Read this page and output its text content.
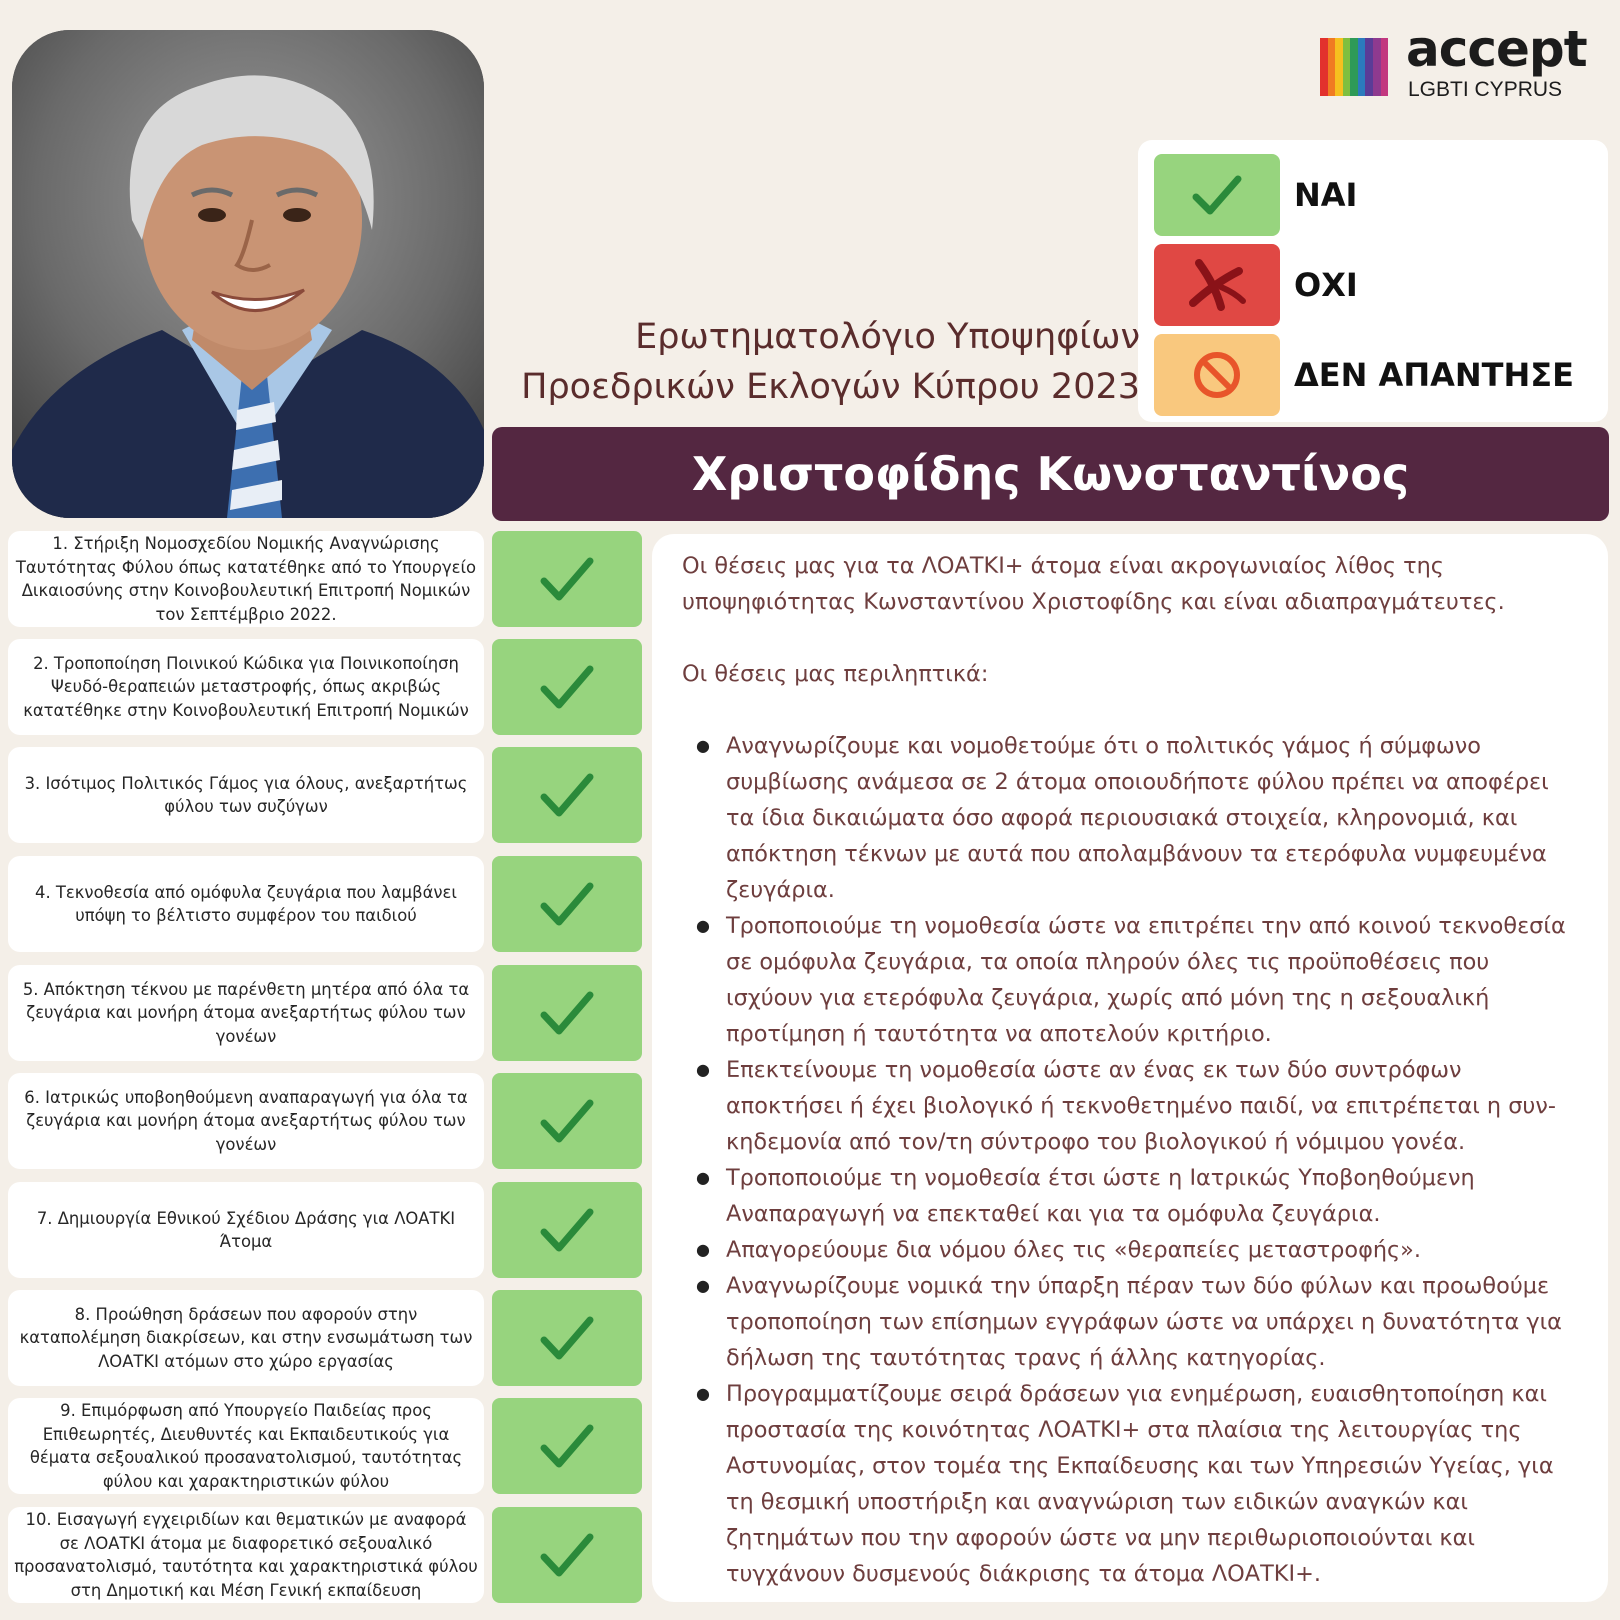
accept
LGBTI CYPRUS
ΝΑΙ
ΟΧΙ
ΔΕΝ ΑΠΑΝΤΗΣΕ
Ερωτηματολόγιο Υποψηφίων
Προεδρικών Εκλογών Κύπρου 2023
Χριστοφίδης Κωνσταντίνος
1. Στήριξη Νομοσχεδίου Νομικής Αναγνώρισης Ταυτότητας Φύλου όπως κατατέθηκε από το Υπουργείο Δικαιοσύνης στην Κοινοβουλευτική Επιτροπή Νομικών τον Σεπτέμβριο 2022.
2. Τροποποίηση Ποινικού Κώδικα για Ποινικοποίηση Ψευδό-θεραπειών μεταστροφής, όπως ακριβώς κατατέθηκε στην Κοινοβουλευτική Επιτροπή Νομικών
3. Ισότιμος Πολιτικός Γάμος για όλους, ανεξαρτήτως φύλου των συζύγων
4. Τεκνοθεσία από ομόφυλα ζευγάρια που λαμβάνει υπόψη το βέλτιστο συμφέρον του παιδιού
5. Απόκτηση τέκνου με παρένθετη μητέρα από όλα τα ζευγάρια και μονήρη άτομα ανεξαρτήτως φύλου των γονέων
6. Ιατρικώς υποβοηθούμενη αναπαραγωγή για όλα τα ζευγάρια και μονήρη άτομα ανεξαρτήτως φύλου των γονέων
7. Δημιουργία Εθνικού Σχέδιου Δράσης για ΛΟΑΤΚΙ Άτομα
8. Προώθηση δράσεων που αφορούν στην καταπολέμηση διακρίσεων, και στην ενσωμάτωση των ΛΟΑΤΚΙ ατόμων στο χώρο εργασίας
9. Επιμόρφωση από Υπουργείο Παιδείας προς Επιθεωρητές, Διευθυντές και Εκπαιδευτικούς για θέματα σεξουαλικού προσανατολισμού, ταυτότητας φύλου και χαρακτηριστικών φύλου
10. Εισαγωγή εγχειριδίων και θεματικών με αναφορά σε ΛΟΑΤΚΙ άτομα με διαφορετικό σεξουαλικό προσανατολισμό, ταυτότητα και χαρακτηριστικά φύλου στη Δημοτική και Μέση Γενική εκπαίδευση

Οι θέσεις μας για τα ΛΟΑΤΚΙ+ άτομα είναι ακρογωνιαίος λίθος της υποψηφιότητας Κωνσταντίνου Χριστοφίδης και είναι αδιαπραγμάτευτες.

Οι θέσεις μας περιληπτικά:

● Αναγνωρίζουμε και νομοθετούμε ότι ο πολιτικός γάμος ή σύμφωνο συμβίωσης ανάμεσα σε 2 άτομα οποιουδήποτε φύλου πρέπει να αποφέρει τα ίδια δικαιώματα όσο αφορά περιουσιακά στοιχεία, κληρονομιά, και απόκτηση τέκνων με αυτά που απολαμβάνουν τα ετερόφυλα νυμφευμένα ζευγάρια.
● Τροποποιούμε τη νομοθεσία ώστε να επιτρέπει την από κοινού τεκνοθεσία σε ομόφυλα ζευγάρια, τα οποία πληρούν όλες τις προϋποθέσεις που ισχύουν για ετερόφυλα ζευγάρια, χωρίς από μόνη της η σεξουαλική προτίμηση ή ταυτότητα να αποτελούν κριτήριο.
● Επεκτείνουμε τη νομοθεσία ώστε αν ένας εκ των δύο συντρόφων αποκτήσει ή έχει βιολογικό ή τεκνοθετημένο παιδί, να επιτρέπεται η συν-κηδεμονία από τον/τη σύντροφο του βιολογικού ή νόμιμου γονέα.
● Τροποποιούμε τη νομοθεσία έτσι ώστε η Ιατρικώς Υποβοηθούμενη Αναπαραγωγή να επεκταθεί και για τα ομόφυλα ζευγάρια.
● Απαγορεύουμε δια νόμου όλες τις «θεραπείες μεταστροφής».
● Αναγνωρίζουμε νομικά την ύπαρξη πέραν των δύο φύλων και προωθούμε τροποποίηση των επίσημων εγγράφων ώστε να υπάρχει η δυνατότητα για δήλωση της ταυτότητας τρανς ή άλλης κατηγορίας.
● Προγραμματίζουμε σειρά δράσεων για ενημέρωση, ευαισθητοποίηση και προστασία της κοινότητας ΛΟΑΤΚΙ+ στα πλαίσια της λειτουργίας της Αστυνομίας, στον τομέα της Εκπαίδευσης και των Υπηρεσιών Υγείας, για τη θεσμική υποστήριξη και αναγνώριση των ειδικών αναγκών και ζητημάτων που την αφορούν ώστε να μην περιθωριοποιούνται και τυγχάνουν δυσμενούς διάκρισης τα άτομα ΛΟΑΤΚΙ+.
